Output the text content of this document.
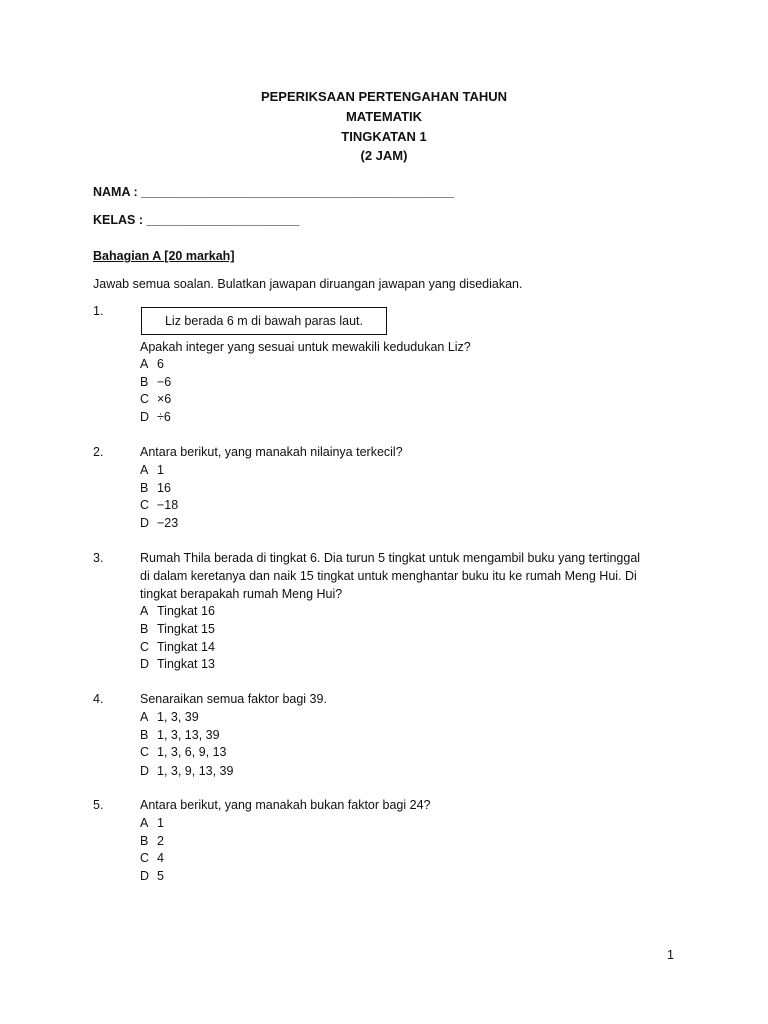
PEPERIKSAAN PERTENGAHAN TAHUN
MATEMATIK
TINGKATAN 1
(2 JAM)
NAMA : _____________________________________________
KELAS : ______________________
Bahagian A [20 markah]
Jawab semua soalan. Bulatkan jawapan diruangan jawapan yang disediakan.
1.
Liz berada 6 m di bawah paras laut.
Apakah integer yang sesuai untuk mewakili kedudukan Liz?
A 6
B −6
C ×6
D ÷6
2.	Antara berikut, yang manakah nilainya terkecil?
A 1
B 16
C −18
D −23
3.	Rumah Thila berada di tingkat 6. Dia turun 5 tingkat untuk mengambil buku yang tertinggal
di dalam keretanya dan naik 15 tingkat untuk menghantar buku itu ke rumah Meng Hui. Di
tingkat berapakah rumah Meng Hui?
A Tingkat 16
B Tingkat 15
C Tingkat 14
D Tingkat 13
4.	Senaraikan semua faktor bagi 39.
A 1, 3, 39
B 1, 3, 13, 39
C 1, 3, 6, 9, 13
D 1, 3, 9, 13, 39
5.	Antara berikut, yang manakah bukan faktor bagi 24?
A 1
B 2
C 4
D 5
1
